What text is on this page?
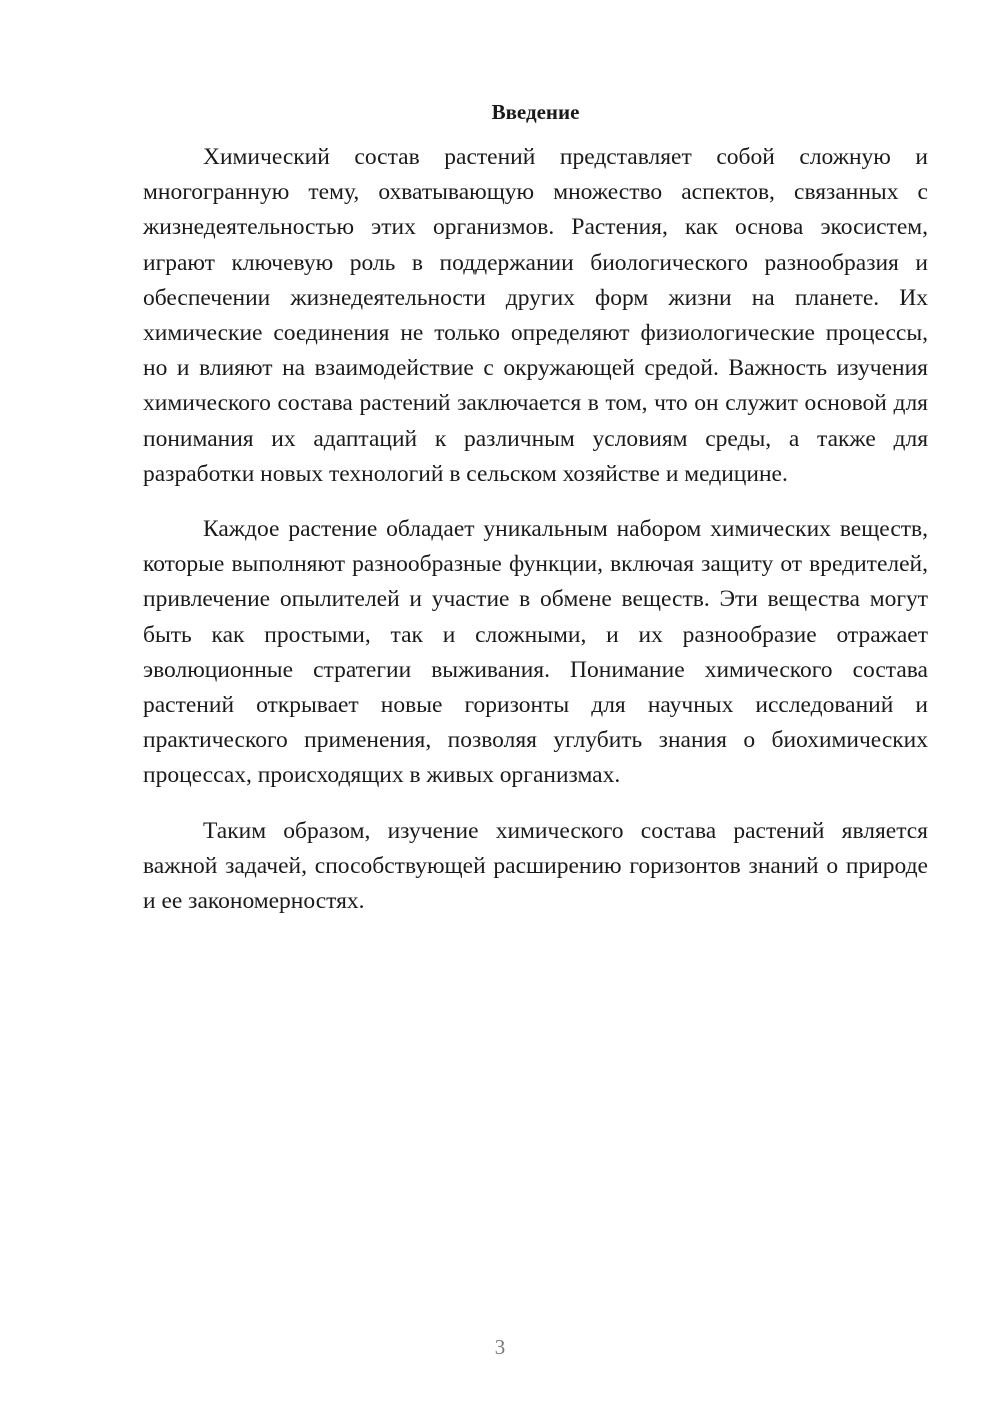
Введение

Химический состав растений представляет собой сложную и многогранную тему, охватывающую множество аспектов, связанных с жизнедеятельностью этих организмов. Растения, как основа экосистем, играют ключевую роль в поддержании биологического разнообразия и обеспечении жизнедеятельности других форм жизни на планете. Их химические соединения не только определяют физиологические процессы, но и влияют на взаимодействие с окружающей средой. Важность изучения химического состава растений заключается в том, что он служит основой для понимания их адаптаций к различным условиям среды, а также для разработки новых технологий в сельском хозяйстве и медицине.

Каждое растение обладает уникальным набором химических веществ, которые выполняют разнообразные функции, включая защиту от вредителей, привлечение опылителей и участие в обмене веществ. Эти вещества могут быть как простыми, так и сложными, и их разнообразие отражает эволюционные стратегии выживания. Понимание химического состава растений открывает новые горизонты для научных исследований и практического применения, позволяя углубить знания о биохимических процессах, происходящих в живых организмах.

Таким образом, изучение химического состава растений является важной задачей, способствующей расширению горизонтов знаний о природе и ее закономерностях.

3
